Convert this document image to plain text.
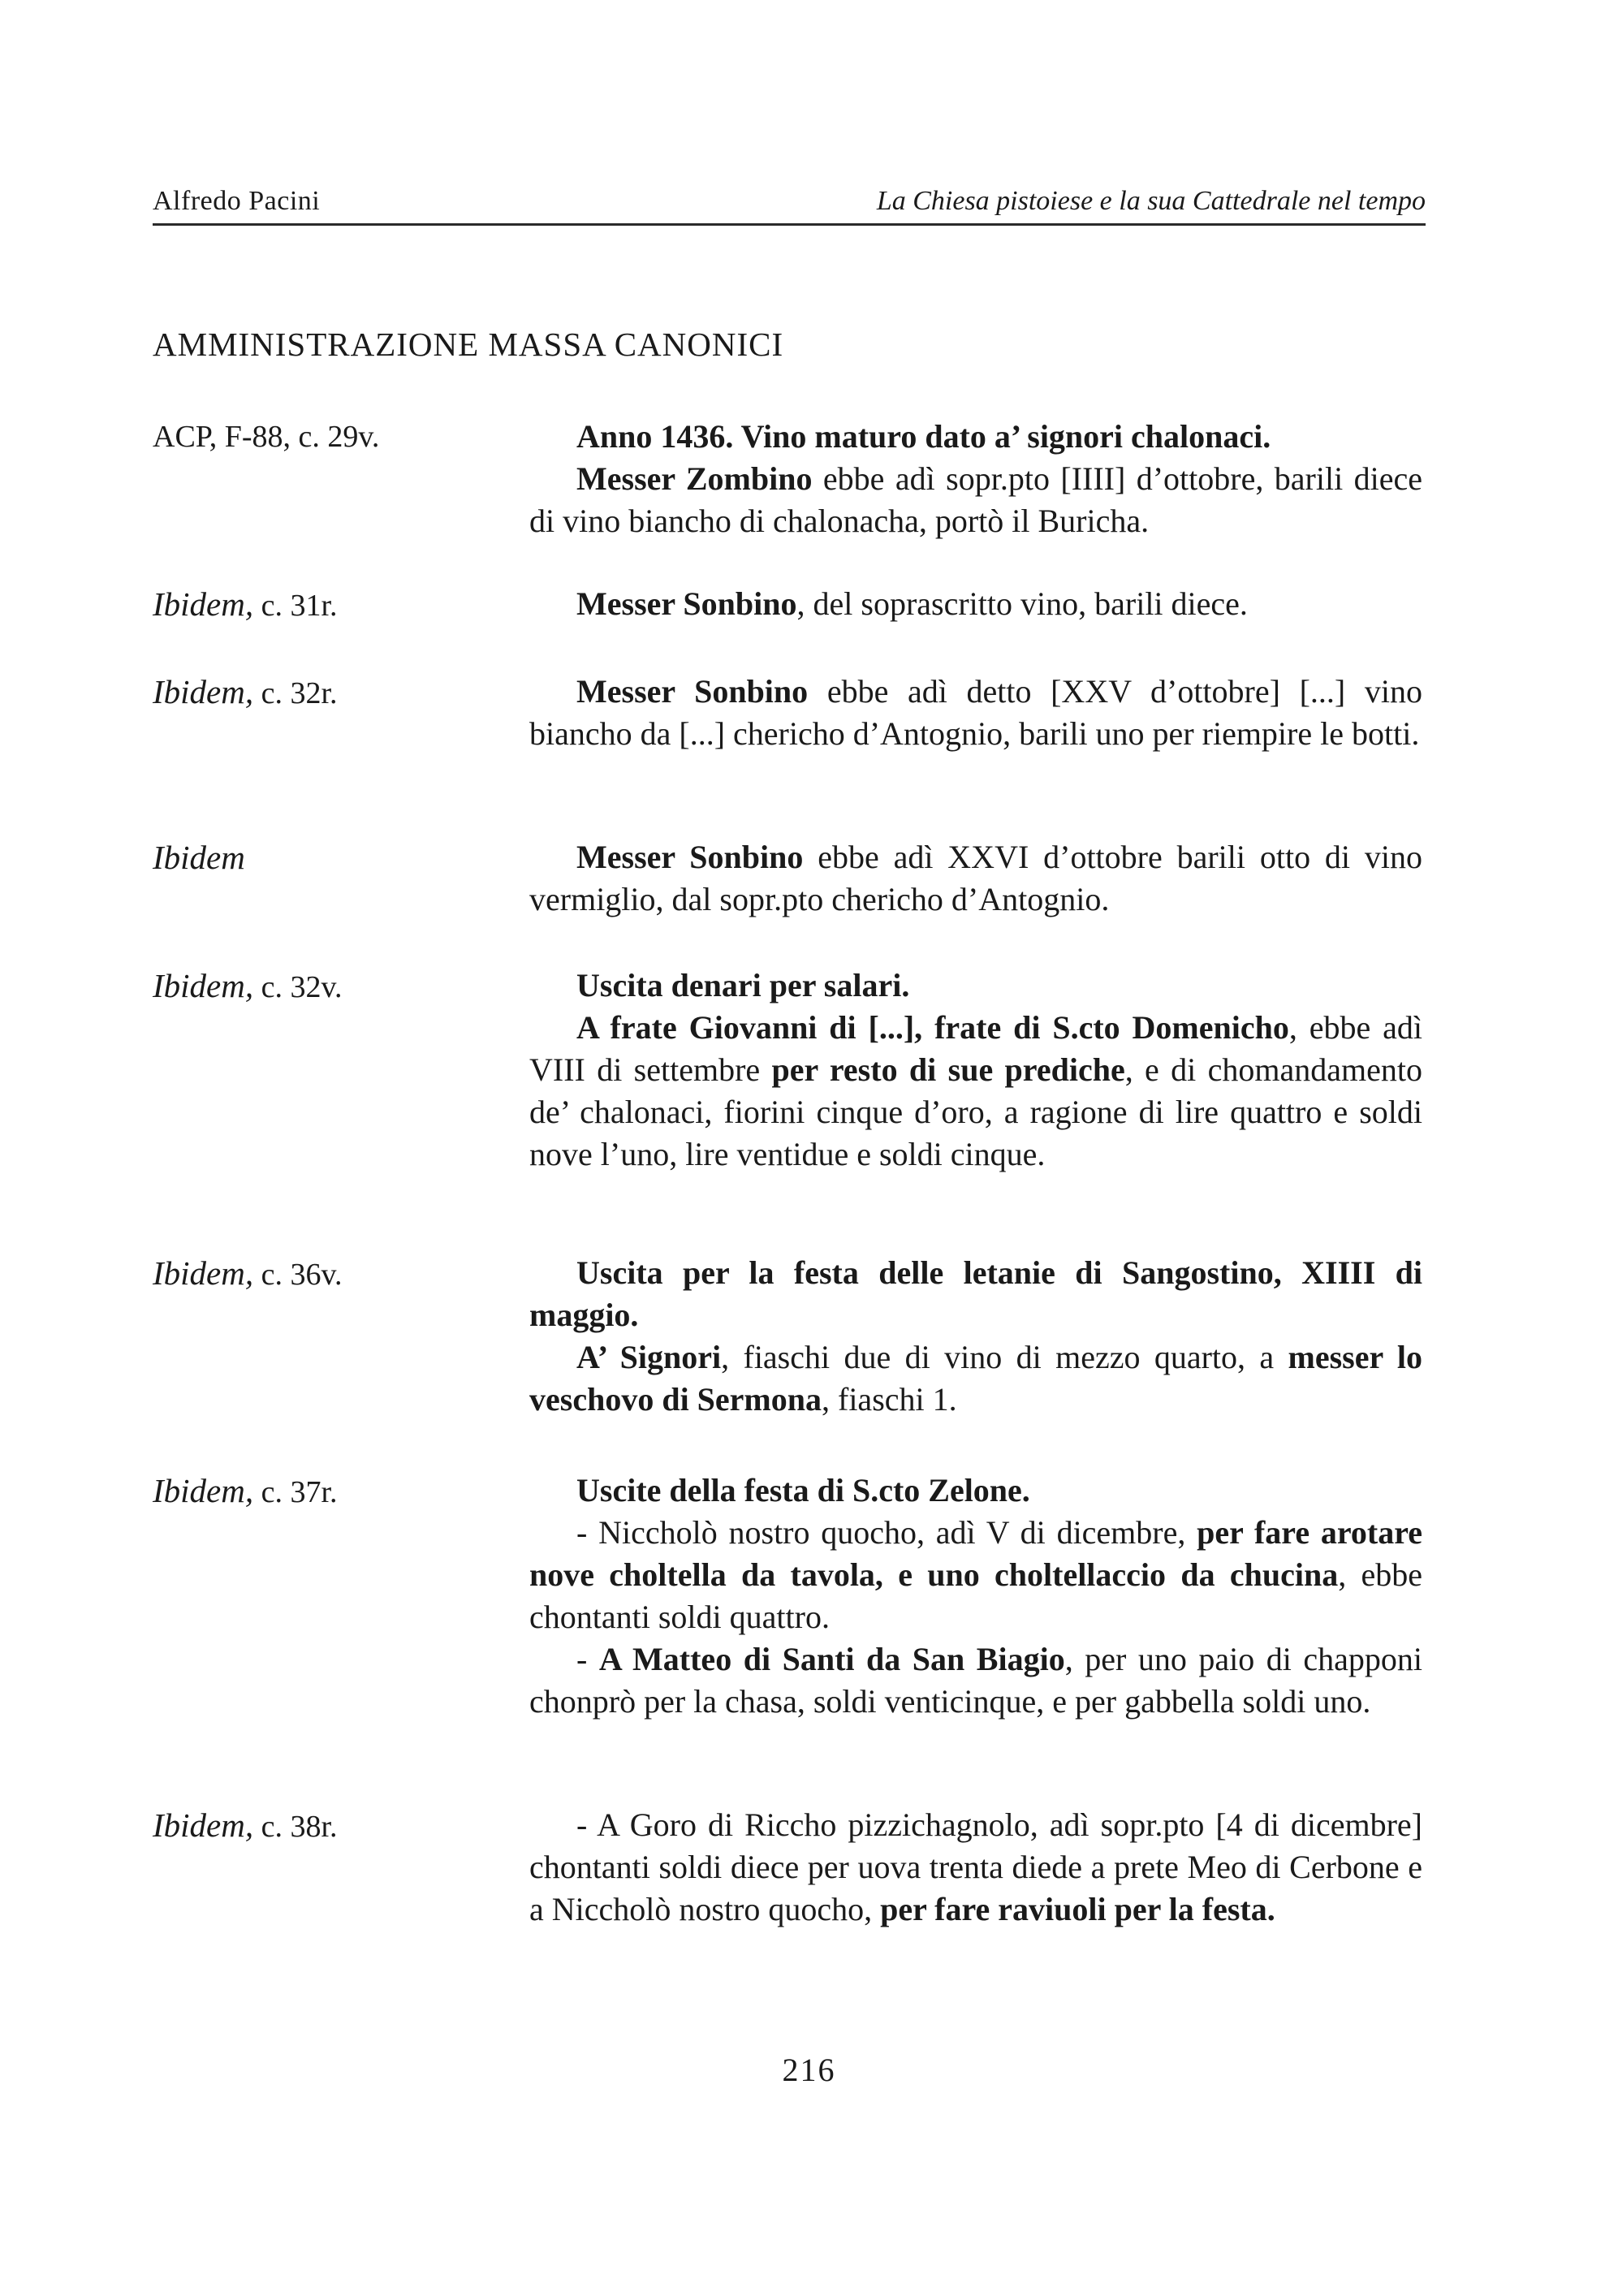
Alfredo Pacini	La Chiesa pistoiese e la sua Cattedrale nel tempo
AMMINISTRAZIONE MASSA CANONICI
ACP, F-88, c. 29v.	Anno 1436. Vino maturo dato a’ signori chalonaci.

Messer Zombino ebbe adì sopr.pto [IIII] d’ottobre, barili diece di vino biancho di chalonacha, portò il Buricha.

Ibidem, c. 31r.	Messer Sonbino, del soprascritto vino, barili diece.

Ibidem, c. 32r.	Messer Sonbino ebbe adì detto [XXV d’ottobre] [...] vino biancho da [...] chericho d’Antognio, barili uno per riempire le botti.

Ibidem	Messer Sonbino ebbe adì XXVI d’ottobre barili otto di vino vermiglio, dal sopr.pto chericho d’Antognio.

Ibidem, c. 32v.	Uscita denari per salari.

A frate Giovanni di [...], frate di S.cto Domenicho, ebbe adì VIII di settembre per resto di sue prediche, e di chomandamento de’ chalonaci, fiorini cinque d’oro, a ragione di lire quattro e soldi nove l’uno, lire ventidue e soldi cinque.

Ibidem, c. 36v.	Uscita per la festa delle letanie di Sangostino, XIIII di maggio.

A’ Signori, fiaschi due di vino di mezzo quarto, a messer lo veschovo di Sermona, fiaschi 1.

Ibidem, c. 37r.	Uscite della festa di S.cto Zelone.

- Niccholò nostro quocho, adì V di dicembre, per fare arotare nove choltella da tavola, e uno choltellaccio da chucina, ebbe chontanti soldi quattro.

- A Matteo di Santi da San Biagio, per uno paio di chapponi chonprò per la chasa, soldi venticinque, e per gabbella soldi uno.

Ibidem, c. 38r.	- A Goro di Riccho pizzichagnolo, adì sopr.pto [4 di dicembre] chontanti soldi diece per uova trenta diede a prete Meo di Cerbone e a Niccholò nostro quocho, per fare raviuoli per la festa.

216
